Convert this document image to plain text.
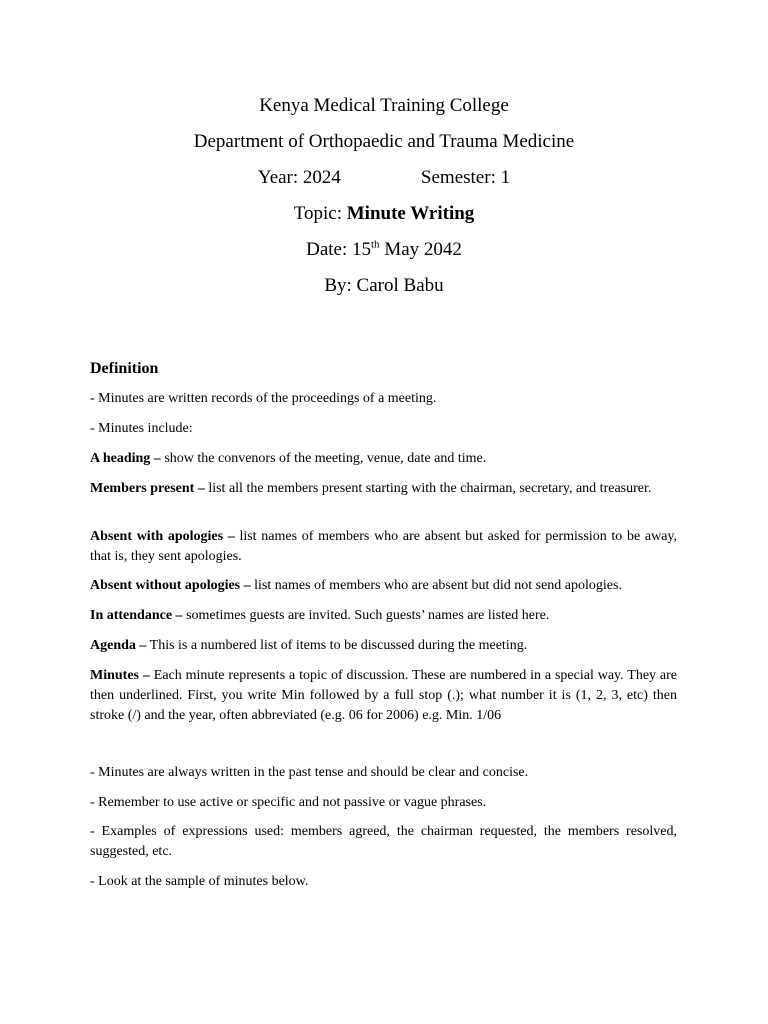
Kenya Medical Training College
Department of Orthopaedic and Trauma Medicine
Year: 2024	Semester: 1
Topic: Minute Writing
Date: 15th May 2042
By: Carol Babu
Definition
- Minutes are written records of the proceedings of a meeting.
- Minutes include:
A heading – show the convenors of the meeting, venue, date and time.
Members present – list all the members present starting with the chairman, secretary, and treasurer.
Absent with apologies – list names of members who are absent but asked for permission to be away, that is, they sent apologies.
Absent without apologies – list names of members who are absent but did not send apologies.
In attendance – sometimes guests are invited. Such guests’ names are listed here.
Agenda – This is a numbered list of items to be discussed during the meeting.
Minutes – Each minute represents a topic of discussion. These are numbered in a special way. They are then underlined. First, you write Min followed by a full stop (.); what number it is (1, 2, 3, etc) then stroke (/) and the year, often abbreviated (e.g. 06 for 2006) e.g. Min. 1/06
- Minutes are always written in the past tense and should be clear and concise.
- Remember to use active or specific and not passive or vague phrases.
- Examples of expressions used: members agreed, the chairman requested, the members resolved, suggested, etc.
- Look at the sample of minutes below.
